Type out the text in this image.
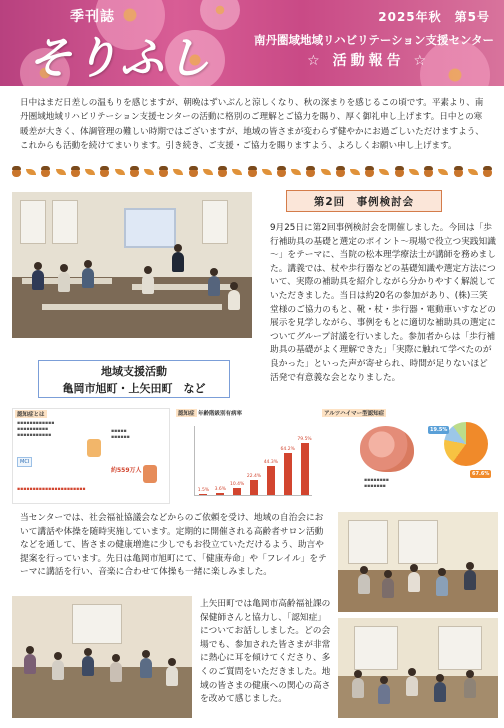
季刊誌
そりふし
2025年秋　第5号
南丹圏域地域リハビリテーション支援センター
☆ 活動報告 ☆

日中はまだ日差しの温もりを感じますが、朝晩はずいぶんと涼しくなり、秋の深まりを感じるこの頃です。平素より、南丹圏域地域リハビリテーション支援センターの活動に格別のご理解とご協力を賜り、厚く御礼申し上げます。日中との寒暖差が大きく、体調管理の難しい時期ではございますが、地域の皆さまが変わらず健やかにお過ごしいただけますよう、これからも活動を続けてまいります。引き続き、ご支援・ご協力を賜りますよう、よろしくお願い申し上げます。

第2回　事例検討会

9月25日に第2回事例検討会を開催しました。今回は「歩行補助具の基礎と選定のポイント～現場で役立つ実践知識～」をテーマに、当院の松本理学療法士が講師を務めました。講義では、杖や歩行器などの基礎知識や選定方法について、実際の補助具を紹介しながら分かりやすく解説していただきました。当日は約20名の参加があり、(株)三笑堂様のご協力のもと、靴・杖・歩行器・電動車いすなどの展示を見学しながら、事例をもとに適切な補助具の選定についてグループ討議を行いました。参加者からは「歩行補助具の基礎がよく理解できた」「実際に触れて学べたのが良かった」といった声が寄せられ、時間が足りないほど活発で有意義な会となりました。

地域支援活動
亀岡市旭町・上矢田町　など
認知症とは
▪▪▪▪▪▪▪▪▪▪▪▪
▪▪▪▪▪▪▪▪▪▪
▪▪▪▪▪▪▪▪▪▪▪
MCI
約559万人
▪▪▪▪▪
▪▪▪▪▪▪
▪▪▪▪▪▪▪▪▪▪▪▪▪▪▪▪▪▪▪▪▪▪
認知症 年齢階級別有病率
1.5%	3.6%
10.4%
22.4%
44.3%
64.2%
79.5%
アルツハイマー型認知症
▪▪▪▪▪▪▪▪
▪▪▪▪▪▪▪
19.5%
67.6%

当センターでは、社会福祉協議会などからのご依頼を受け、地域の自治会において講話や体操を随時実施しています。定期的に開催される高齢者サロン活動などを通して、皆さまの健康増進に少しでもお役立ていただけるよう、助言や提案を行っています。先日は亀岡市旭町にて、「健康寿命」や「フレイル」をテーマに講話を行い、音楽に合わせて体操も一緒に楽しみました。

上矢田町では亀岡市高齢福祉課の保健師さんと協力し、「認知症」についてお話ししました。どの会場でも、参加された皆さまが非常に熱心に耳を傾けてくださり、多くのご質問をいただきました。地域の皆さまの健康への関心の高さを改めて感じました。
